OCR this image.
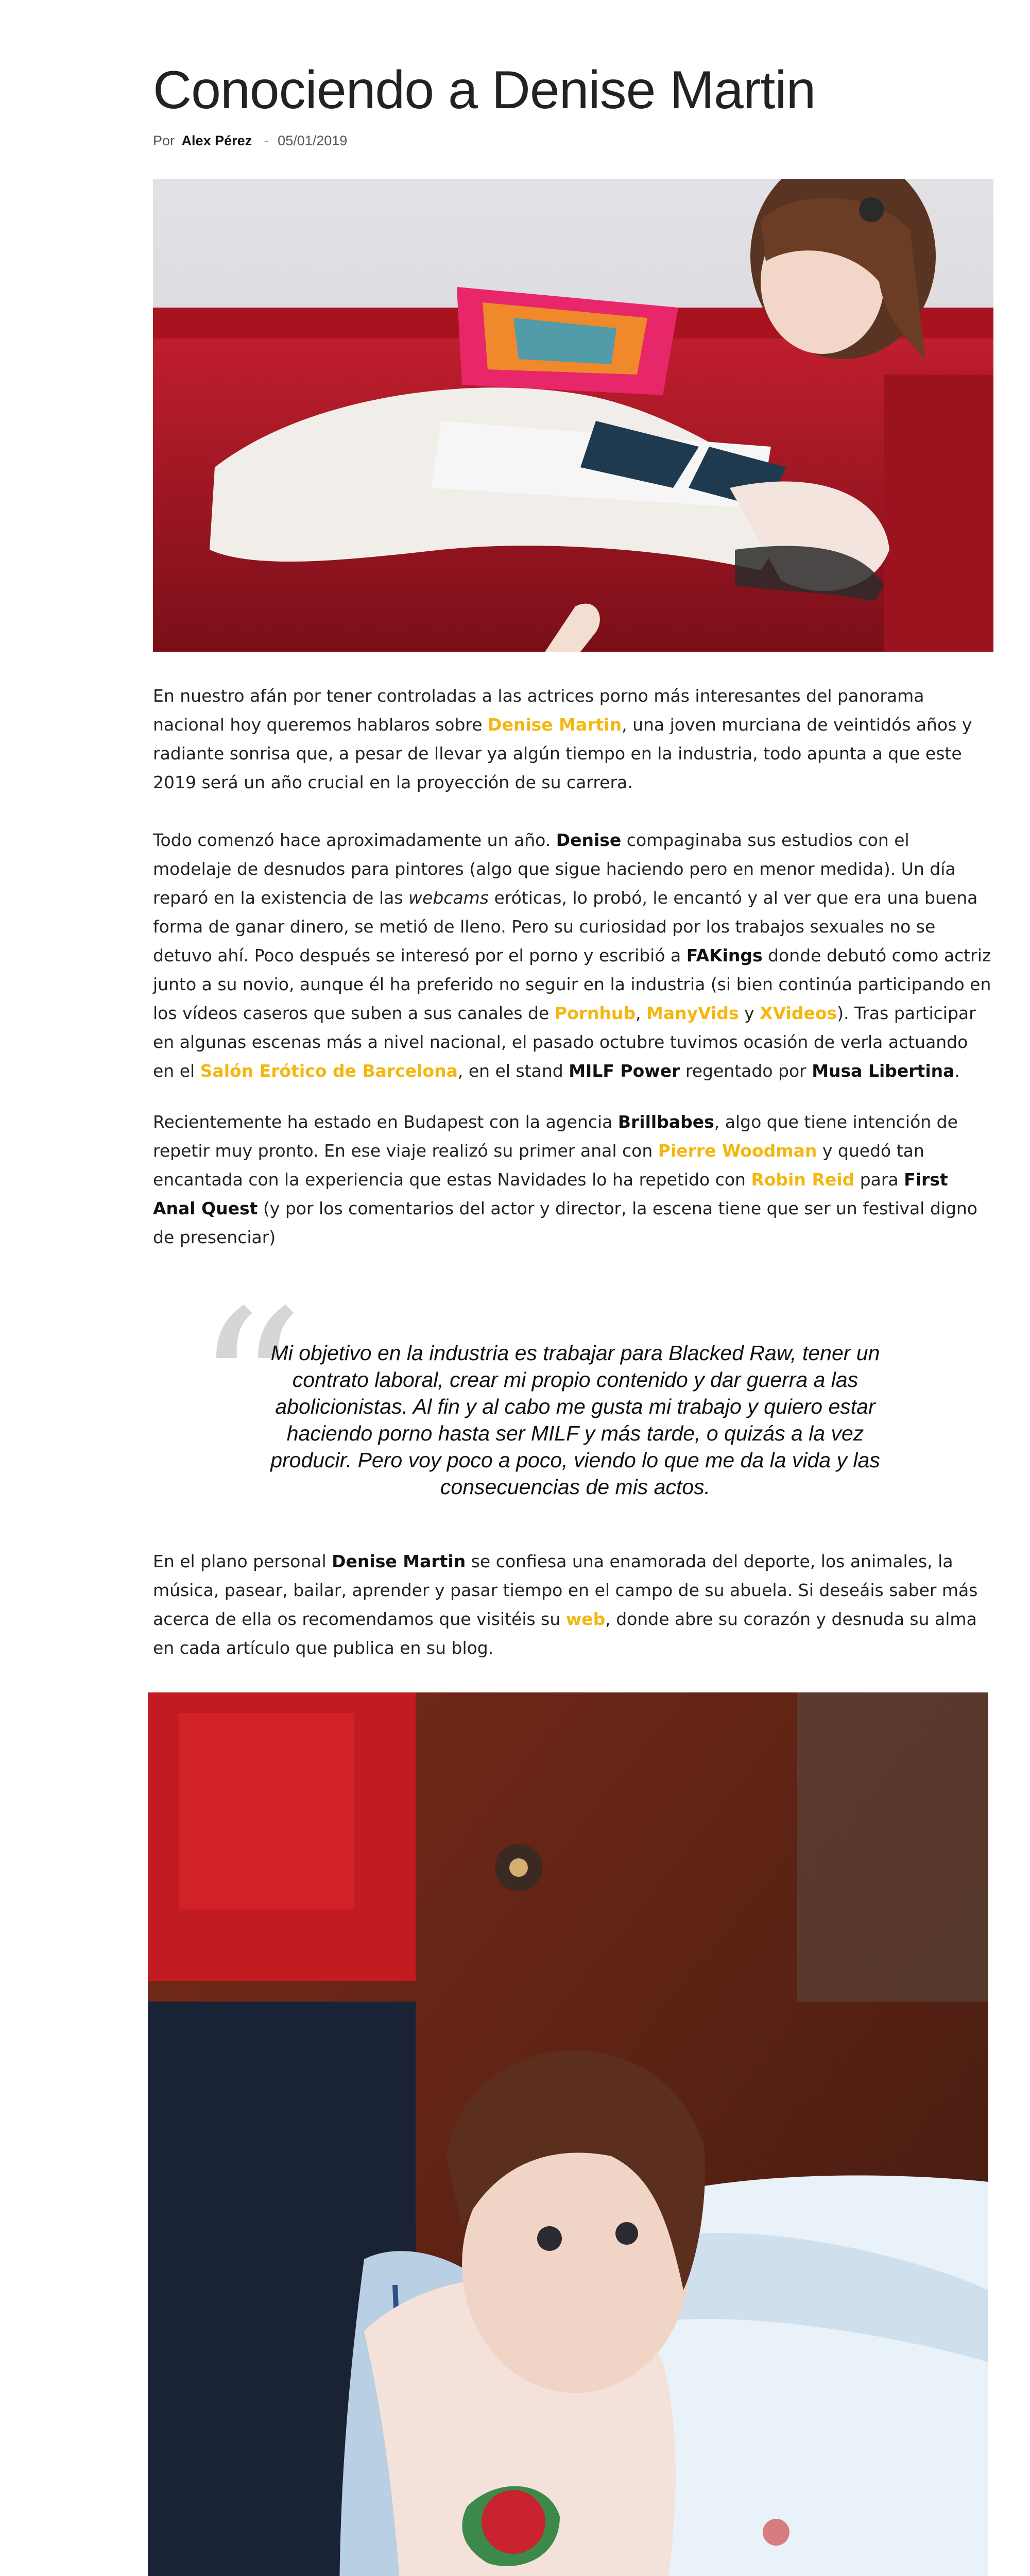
Conociendo a Denise Martin
Por Alex Pérez - 05/01/2019

En nuestro afán por tener controladas a las actrices porno más interesantes del panorama nacional hoy queremos hablaros sobre Denise Martin, una joven murciana de veintidós años y radiante sonrisa que, a pesar de llevar ya algún tiempo en la industria, todo apunta a que este 2019 será un año crucial en la proyección de su carrera.

Todo comenzó hace aproximadamente un año. Denise compaginaba sus estudios con el modelaje de desnudos para pintores (algo que sigue haciendo pero en menor medida). Un día reparó en la existencia de las webcams eróticas, lo probó, le encantó y al ver que era una buena forma de ganar dinero, se metió de lleno. Pero su curiosidad por los trabajos sexuales no se detuvo ahí. Poco después se interesó por el porno y escribió a FAKings donde debutó como actriz junto a su novio, aunque él ha preferido no seguir en la industria (si bien continúa participando en los vídeos caseros que suben a sus canales de Pornhub, ManyVids y XVideos). Tras participar en algunas escenas más a nivel nacional, el pasado octubre tuvimos ocasión de verla actuando en el Salón Erótico de Barcelona, en el stand MILF Power regentado por Musa Libertina.

Recientemente ha estado en Budapest con la agencia Brillbabes, algo que tiene intención de repetir muy pronto. En ese viaje realizó su primer anal con Pierre Woodman y quedó tan encantada con la experiencia que estas Navidades lo ha repetido con Robin Reid para First Anal Quest (y por los comentarios del actor y director, la escena tiene que ser un festival digno de presenciar)

“
Mi objetivo en la industria es trabajar para Blacked Raw, tener un contrato laboral, crear mi propio contenido y dar guerra a las abolicionistas. Al fin y al cabo me gusta mi trabajo y quiero estar haciendo porno hasta ser MILF y más tarde, o quizás a la vez producir. Pero voy poco a poco, viendo lo que me da la vida y las consecuencias de mis actos.

En el plano personal Denise Martin se confiesa una enamorada del deporte, los animales, la música, pasear, bailar, aprender y pasar tiempo en el campo de su abuela. Si deseáis saber más acerca de ella os recomendamos que visitéis su web, donde abre su corazón y desnuda su alma en cada artículo que publica en su blog.
